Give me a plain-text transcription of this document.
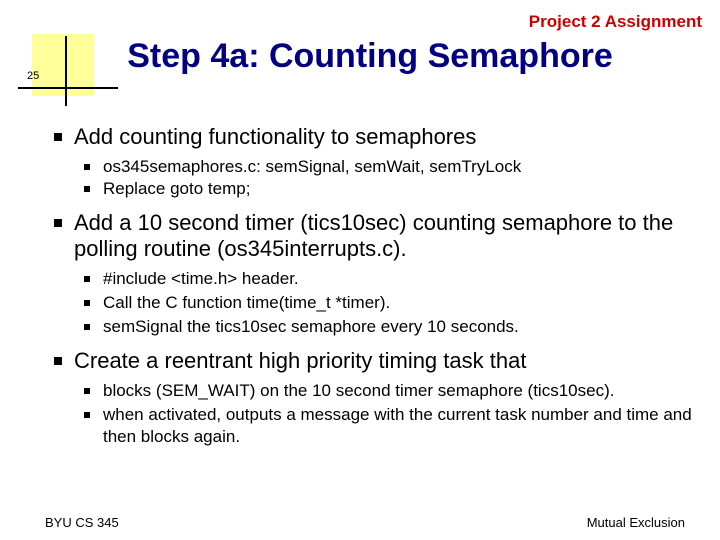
25
Project 2 Assignment
Step 4a: Counting Semaphore
Add counting functionality to semaphores
os345semaphores.c: semSignal, semWait, semTryLock
Replace goto temp;
Add a 10 second timer (tics10sec) counting semaphore to the polling routine (os345interrupts.c).
#include <time.h> header.
Call the C function time(time_t *timer).
semSignal the tics10sec semaphore every 10 seconds.
Create a reentrant high priority timing task that
blocks (SEM_WAIT) on the 10 second timer semaphore (tics10sec).
when activated, outputs a message with the current task number and time and then blocks again.
BYU CS 345	Mutual Exclusion
